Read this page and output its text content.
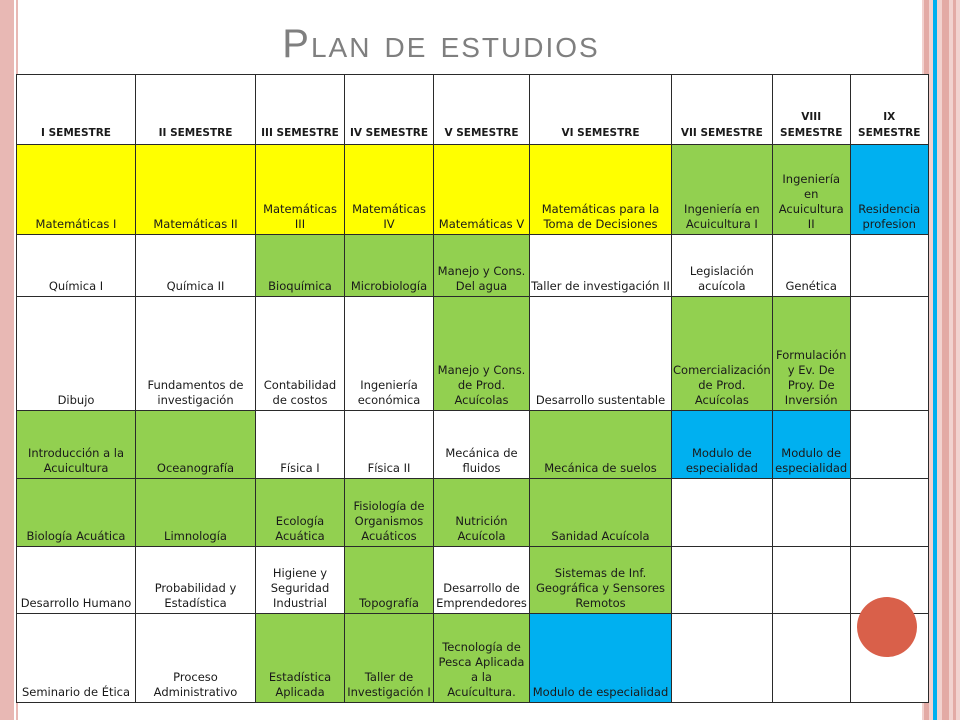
Plan de estudios
I SEMESTRE	II SEMESTRE	III SEMESTRE	IV SEMESTRE	V SEMESTRE	VI SEMESTRE	VII SEMESTRE	VIII SEMESTRE	IX SEMESTRE
Matemáticas I	Matemáticas II	Matemáticas III	Matemáticas IV	Matemáticas V	Matemáticas para la Toma de Decisiones	Ingeniería en Acuicultura I	Ingeniería en Acuicultura II	Residencia profesion
Química I	Química II	Bioquímica	Microbiología	Manejo y Cons. Del agua	Taller de investigación II	Legislación acuícola	Genética	
Dibujo	Fundamentos de investigación	Contabilidad de costos	Ingeniería económica	Manejo y Cons. de Prod. Acuícolas	Desarrollo sustentable	Comercialización de Prod. Acuícolas	Formulación y Ev. De Proy. De Inversión	
Introducción a la Acuicultura	Oceanografía	Física I	Física II	Mecánica de fluidos	Mecánica de suelos	Modulo de especialidad	Modulo de especialidad	
Biología Acuática	Limnología	Ecología Acuática	Fisiología de Organismos Acuáticos	Nutrición Acuícola	Sanidad Acuícola			
Desarrollo Humano	Probabilidad y Estadística	Higiene y Seguridad Industrial	Topografía	Desarrollo de Emprendedores	Sistemas de Inf. Geográfica y Sensores Remotos			
Seminario de Ética	Proceso Administrativo	Estadística Aplicada	Taller de Investigación I	Tecnología de Pesca Aplicada a la Acuícultura.	Modulo de especialidad			
